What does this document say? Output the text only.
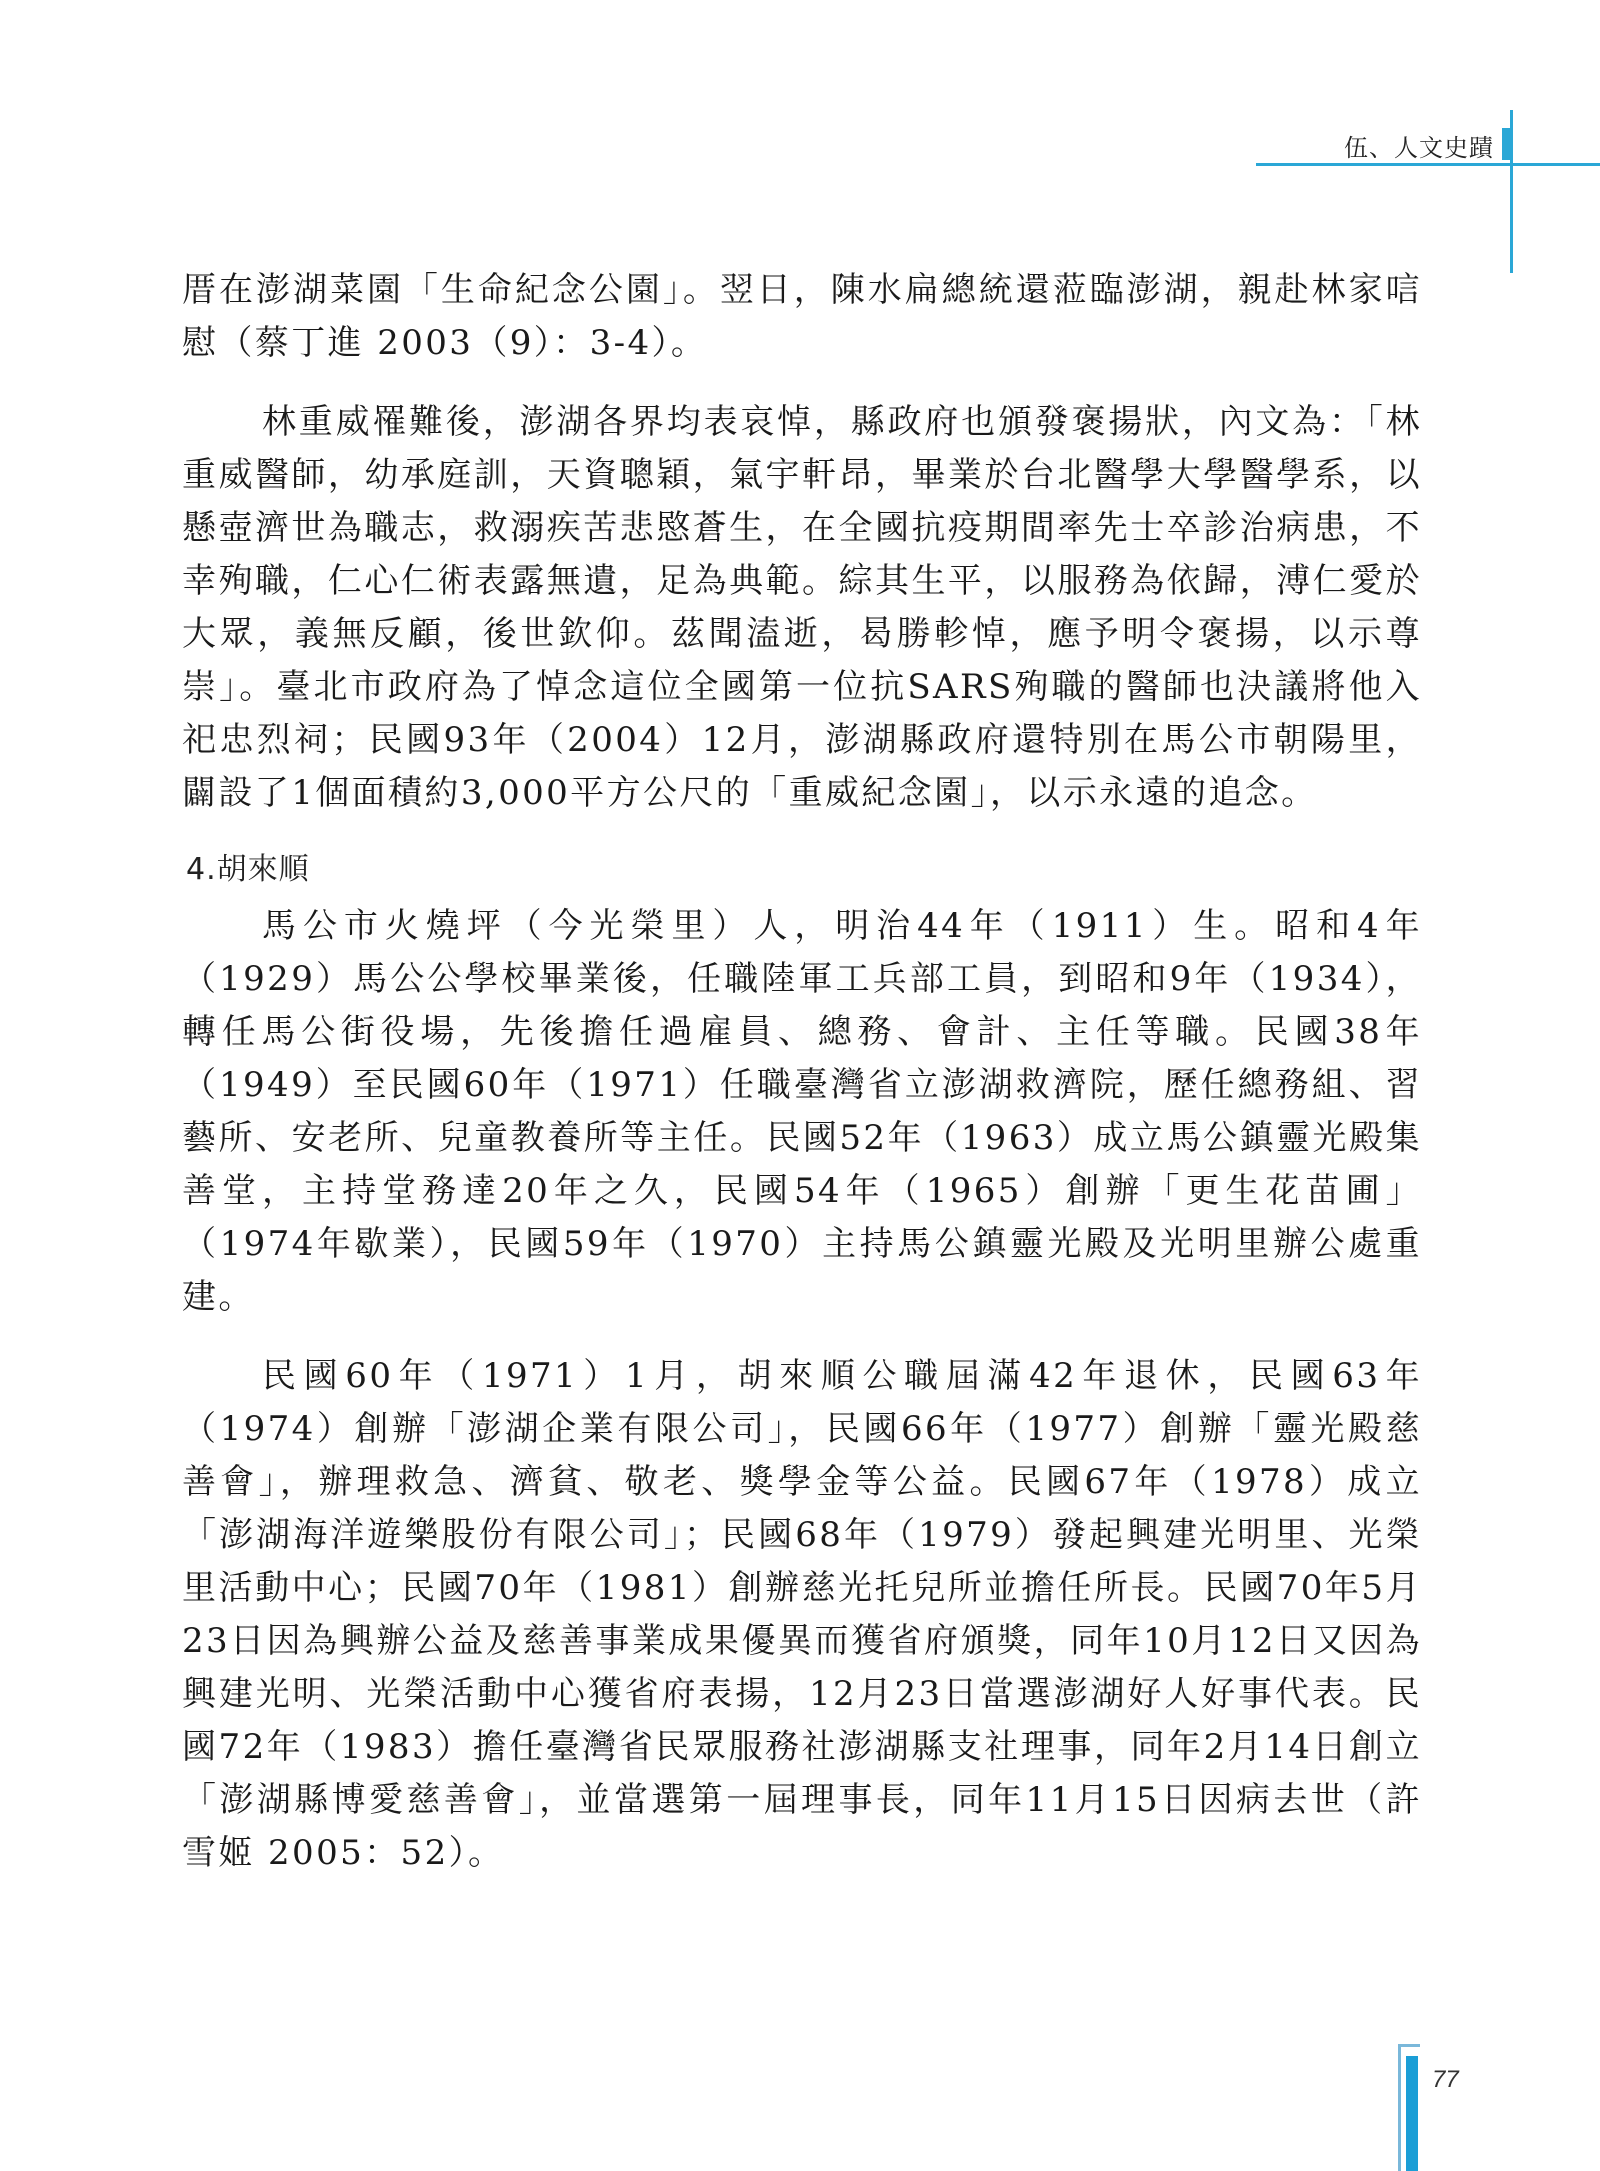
伍、人文史蹟

厝在澎湖菜園「生命紀念公園」。翌日，陳水扁總統還蒞臨澎湖，親赴林家唁慰（蔡丁進 2003（9）：3-4）。

林重威罹難後，澎湖各界均表哀悼，縣政府也頒發褒揚狀，內文為：「林重威醫師，幼承庭訓，天資聰穎，氣宇軒昂，畢業於台北醫學大學醫學系，以懸壺濟世為職志，救溺疾苦悲愍蒼生，在全國抗疫期間率先士卒診治病患，不幸殉職，仁心仁術表露無遺，足為典範。綜其生平，以服務為依歸，溥仁愛於大眾，義無反顧，後世欽仰。茲聞溘逝，曷勝軫悼，應予明令褒揚，以示尊崇」。臺北市政府為了悼念這位全國第一位抗SARS殉職的醫師也決議將他入祀忠烈祠；民國93年（2004）12月，澎湖縣政府還特別在馬公市朝陽里，闢設了1個面積約3,000平方公尺的「重威紀念園」，以示永遠的追念。

4.胡來順

馬公市火燒坪（今光榮里）人，明治44年（1911）生。昭和4年（1929）馬公公學校畢業後，任職陸軍工兵部工員，到昭和9年（1934），轉任馬公街役場，先後擔任過雇員、總務、會計、主任等職。民國38年（1949）至民國60年（1971）任職臺灣省立澎湖救濟院，歷任總務組、習藝所、安老所、兒童教養所等主任。民國52年（1963）成立馬公鎮靈光殿集善堂，主持堂務達20年之久，民國54年（1965）創辦「更生花苗圃」（1974年歇業），民國59年（1970）主持馬公鎮靈光殿及光明里辦公處重建。

民國60年（1971）1月，胡來順公職屆滿42年退休，民國63年（1974）創辦「澎湖企業有限公司」，民國66年（1977）創辦「靈光殿慈善會」，辦理救急、濟貧、敬老、獎學金等公益。民國67年（1978）成立「澎湖海洋遊樂股份有限公司」；民國68年（1979）發起興建光明里、光榮里活動中心；民國70年（1981）創辦慈光托兒所並擔任所長。民國70年5月23日因為興辦公益及慈善事業成果優異而獲省府頒獎，同年10月12日又因為興建光明、光榮活動中心獲省府表揚，12月23日當選澎湖好人好事代表。民國72年（1983）擔任臺灣省民眾服務社澎湖縣支社理事，同年2月14日創立「澎湖縣博愛慈善會」，並當選第一屆理事長，同年11月15日因病去世（許雪姬 2005：52）。

77
